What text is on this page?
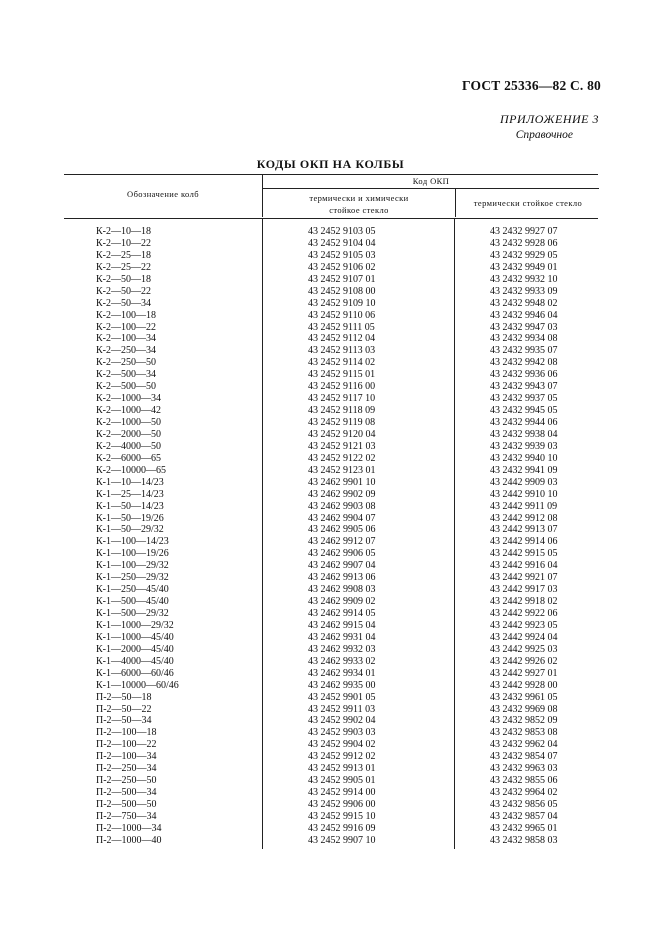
ГОСТ 25336—82 С. 80
ПРИЛОЖЕНИЕ 3
Справочное
КОДЫ ОКП НА КОЛБЫ
Обозначение колб
Код ОКП
термически и химически
стойкое стекло
термически стойкое стекло
К-2—10—18	43 2452 9103 05	43 2432 9927 07
К-2—10—22	43 2452 9104 04	43 2432 9928 06
К-2—25—18	43 2452 9105 03	43 2432 9929 05
К-2—25—22	43 2452 9106 02	43 2432 9949 01
К-2—50—18	43 2452 9107 01	43 2432 9932 10
К-2—50—22	43 2452 9108 00	43 2432 9933 09
К-2—50—34	43 2452 9109 10	43 2432 9948 02
К-2—100—18	43 2452 9110 06	43 2432 9946 04
К-2—100—22	43 2452 9111 05	43 2432 9947 03
К-2—100—34	43 2452 9112 04	43 2432 9934 08
К-2—250—34	43 2452 9113 03	43 2432 9935 07
К-2—250—50	43 2452 9114 02	43 2432 9942 08
К-2—500—34	43 2452 9115 01	43 2432 9936 06
К-2—500—50	43 2452 9116 00	43 2432 9943 07
К-2—1000—34	43 2452 9117 10	43 2432 9937 05
К-2—1000—42	43 2452 9118 09	43 2432 9945 05
К-2—1000—50	43 2452 9119 08	43 2432 9944 06
К-2—2000—50	43 2452 9120 04	43 2432 9938 04
К-2—4000—50	43 2452 9121 03	43 2432 9939 03
К-2—6000—65	43 2452 9122 02	43 2432 9940 10
К-2—10000—65	43 2452 9123 01	43 2432 9941 09
К-1—10—14/23	43 2462 9901 10	43 2442 9909 03
К-1—25—14/23	43 2462 9902 09	43 2442 9910 10
К-1—50—14/23	43 2462 9903 08	43 2442 9911 09
К-1—50—19/26	43 2462 9904 07	43 2442 9912 08
К-1—50—29/32	43 2462 9905 06	43 2442 9913 07
К-1—100—14/23	43 2462 9912 07	43 2442 9914 06
К-1—100—19/26	43 2462 9906 05	43 2442 9915 05
К-1—100—29/32	43 2462 9907 04	43 2442 9916 04
К-1—250—29/32	43 2462 9913 06	43 2442 9921 07
К-1—250—45/40	43 2462 9908 03	43 2442 9917 03
К-1—500—45/40	43 2462 9909 02	43 2442 9918 02
К-1—500—29/32	43 2462 9914 05	43 2442 9922 06
К-1—1000—29/32	43 2462 9915 04	43 2442 9923 05
К-1—1000—45/40	43 2462 9931 04	43 2442 9924 04
К-1—2000—45/40	43 2462 9932 03	43 2442 9925 03
К-1—4000—45/40	43 2462 9933 02	43 2442 9926 02
К-1—6000—60/46	43 2462 9934 01	43 2442 9927 01
К-1—10000—60/46	43 2462 9935 00	43 2442 9928 00
П-2—50—18	43 2452 9901 05	43 2432 9961 05
П-2—50—22	43 2452 9911 03	43 2432 9969 08
П-2—50—34	43 2452 9902 04	43 2432 9852 09
П-2—100—18	43 2452 9903 03	43 2432 9853 08
П-2—100—22	43 2452 9904 02	43 2432 9962 04
П-2—100—34	43 2452 9912 02	43 2432 9854 07
П-2—250—34	43 2452 9913 01	43 2432 9963 03
П-2—250—50	43 2452 9905 01	43 2432 9855 06
П-2—500—34	43 2452 9914 00	43 2432 9964 02
П-2—500—50	43 2452 9906 00	43 2432 9856 05
П-2—750—34	43 2452 9915 10	43 2432 9857 04
П-2—1000—34	43 2452 9916 09	43 2432 9965 01
П-2—1000—40	43 2452 9907 10	43 2432 9858 03
